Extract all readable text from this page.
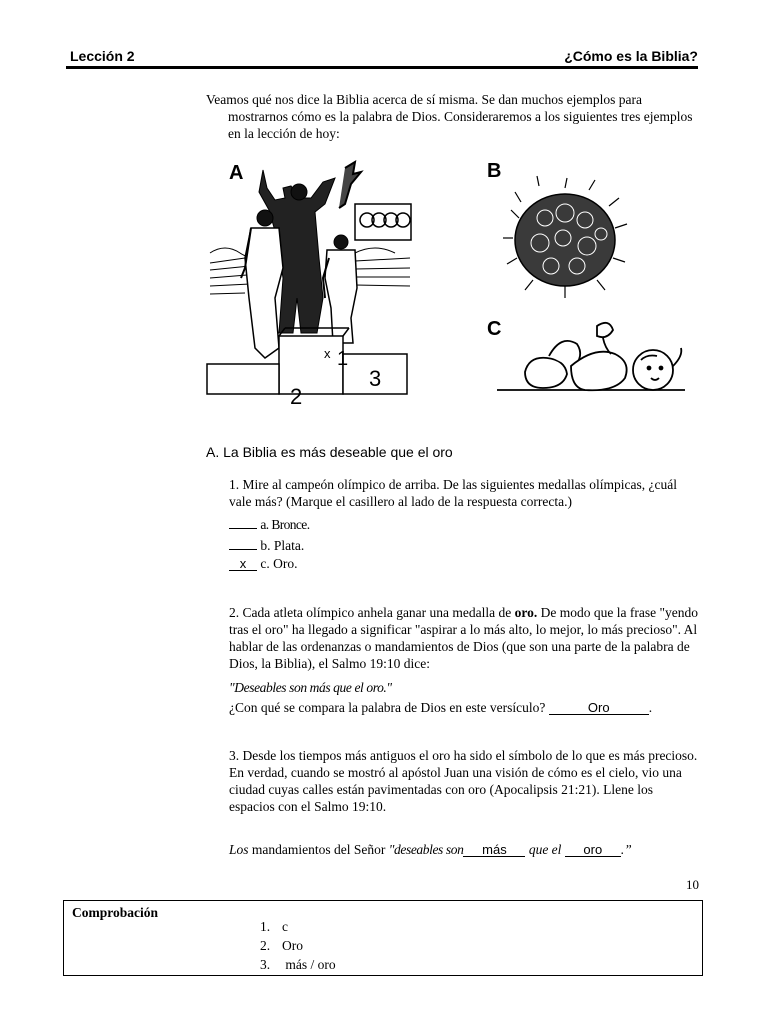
Lección 2	¿Cómo es la Biblia?

Veamos qué nos dice la Biblia acerca de sí misma. Se dan muchos ejemplos para mostrarnos cómo es la palabra de Dios. Consideraremos a los siguientes tres ejemplos en la lección de hoy:

A
1
x
2
3
B
C
A. La Biblia es más deseable que el oro
1. Mire al campeón olímpico de arriba. De las siguientes medallas olímpicas, ¿cuál vale más? (Marque el casillero al lado de la respuesta correcta.)
a. Bronce.
b. Plata.
x c. Oro.
2. Cada atleta olímpico anhela ganar una medalla de oro. De modo que la frase "yendo tras el oro" ha llegado a significar "aspirar a lo más alto, lo mejor, lo más precioso". Al hablar de las ordenanzas o mandamientos de Dios (que son una parte de la palabra de Dios, la Biblia), el Salmo 19:10 dice:
"Deseables son más que el oro."
¿Con qué se compara la palabra de Dios en este versículo?	Oro	.
3. Desde los tiempos más antiguos el oro ha sido el símbolo de lo que es más precioso. En verdad, cuando se mostró al apóstol Juan una visión de cómo es el cielo, vio una ciudad cuyas calles están pavimentadas con oro (Apocalipsis 21:21). Llene los espacios con el Salmo 19:10.
Los mandamientos del Señor "deseables son más que el oro .”
10
Comprobación
1. c
2. Oro
3. más / oro
